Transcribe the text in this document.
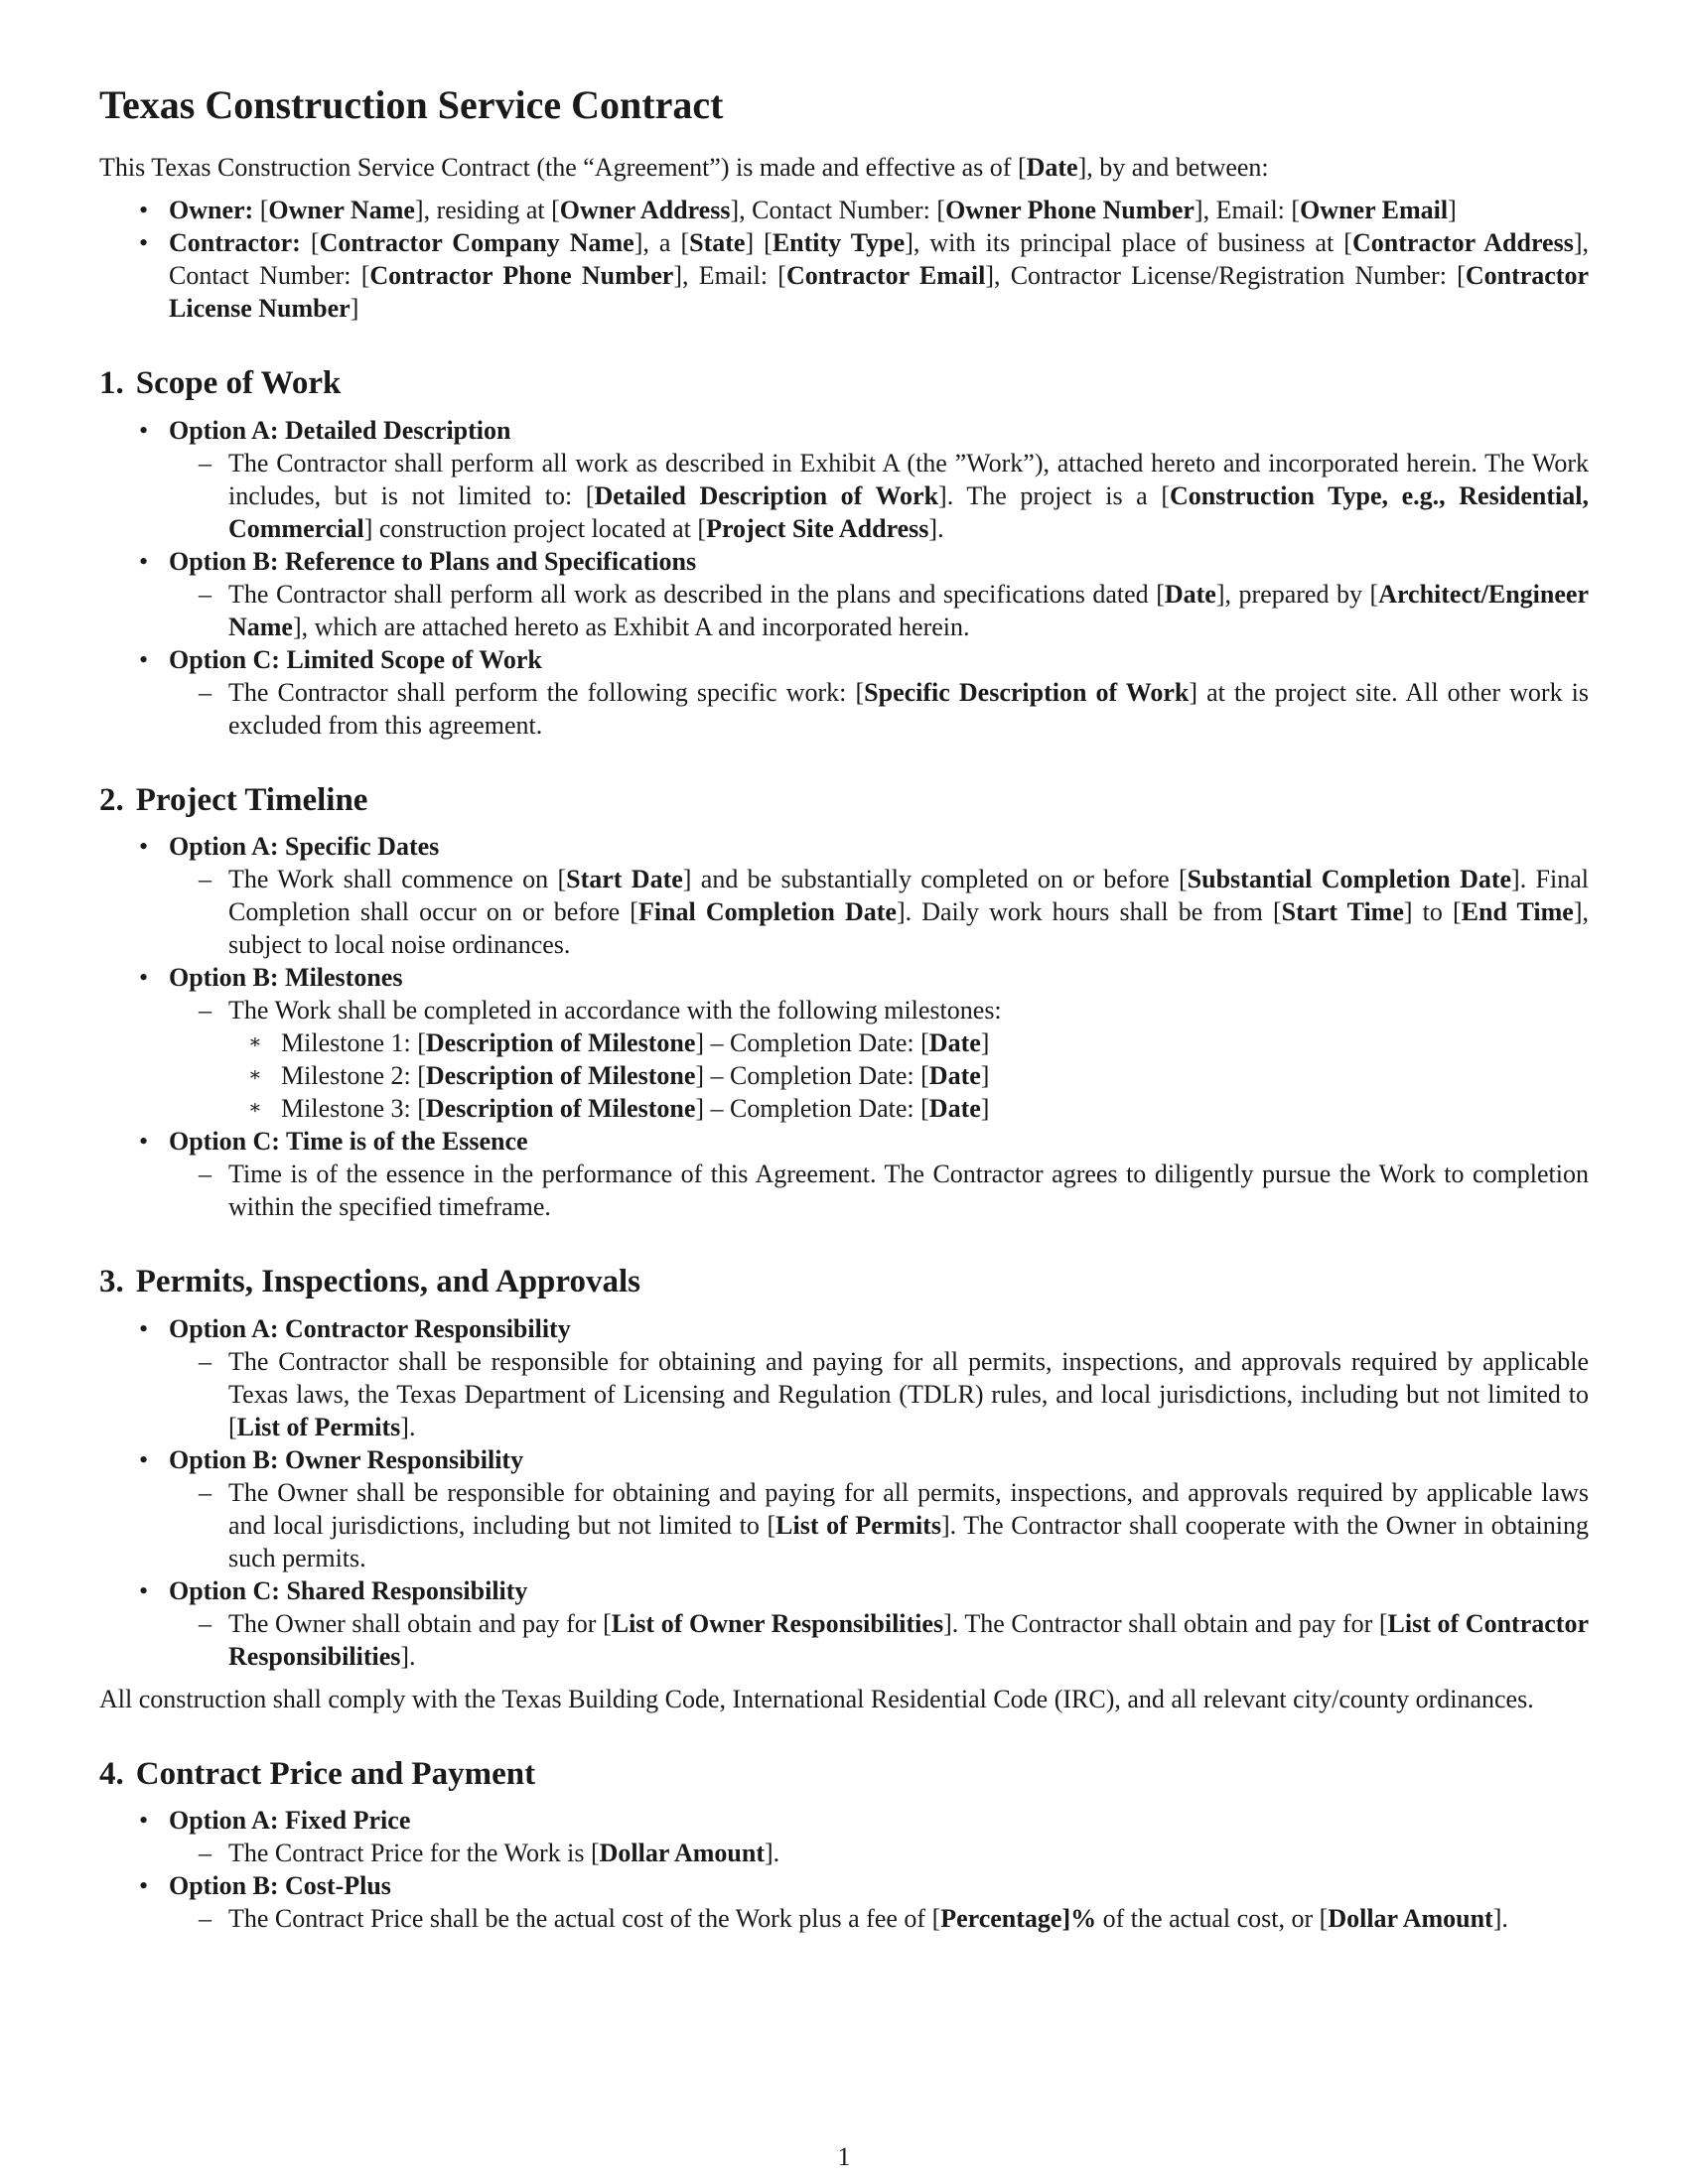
Texas Construction Service Contract

This Texas Construction Service Contract (the “Agreement”) is made and effective as of [Date], by and between:

• Owner: [Owner Name], residing at [Owner Address], Contact Number: [Owner Phone Number], Email: [Owner Email]
• Contractor: [Contractor Company Name], a [State] [Entity Type], with its principal place of business at [Contractor Address], Contact Number: [Contractor Phone Number], Email: [Contractor Email], Contractor License/Registration Number: [Contractor License Number]
1. Scope of Work
• Option A: Detailed Description
– The Contractor shall perform all work as described in Exhibit A (the ”Work”), attached hereto and incorporated herein. The Work includes, but is not limited to: [Detailed Description of Work]. The project is a [Construction Type, e.g., Residential, Commercial] construction project located at [Project Site Address].
• Option B: Reference to Plans and Specifications
– The Contractor shall perform all work as described in the plans and specifications dated [Date], prepared by [Architect/Engineer Name], which are attached hereto as Exhibit A and incorporated herein.
• Option C: Limited Scope of Work
– The Contractor shall perform the following specific work: [Specific Description of Work] at the project site. All other work is excluded from this agreement.
2. Project Timeline
• Option A: Specific Dates
– The Work shall commence on [Start Date] and be substantially completed on or before [Substantial Completion Date]. Final Completion shall occur on or before [Final Completion Date]. Daily work hours shall be from [Start Time] to [End Time], subject to local noise ordinances.
• Option B: Milestones
– The Work shall be completed in accordance with the following milestones:
∗ Milestone 1: [Description of Milestone] – Completion Date: [Date]
∗ Milestone 2: [Description of Milestone] – Completion Date: [Date]
∗ Milestone 3: [Description of Milestone] – Completion Date: [Date]
• Option C: Time is of the Essence
– Time is of the essence in the performance of this Agreement. The Contractor agrees to diligently pursue the Work to completion within the specified timeframe.
3. Permits, Inspections, and Approvals
• Option A: Contractor Responsibility
– The Contractor shall be responsible for obtaining and paying for all permits, inspections, and approvals required by applicable Texas laws, the Texas Department of Licensing and Regulation (TDLR) rules, and local jurisdictions, including but not limited to [List of Permits].
• Option B: Owner Responsibility
– The Owner shall be responsible for obtaining and paying for all permits, inspections, and approvals required by applicable laws and local jurisdictions, including but not limited to [List of Permits]. The Contractor shall cooperate with the Owner in obtaining such permits.
• Option C: Shared Responsibility
– The Owner shall obtain and pay for [List of Owner Responsibilities]. The Contractor shall obtain and pay for [List of Contractor Responsibilities].

All construction shall comply with the Texas Building Code, International Residential Code (IRC), and all relevant city/county ordinances.

4. Contract Price and Payment
• Option A: Fixed Price
– The Contract Price for the Work is [Dollar Amount].
• Option B: Cost-Plus
– The Contract Price shall be the actual cost of the Work plus a fee of [Percentage]% of the actual cost, or [Dollar Amount].
1
